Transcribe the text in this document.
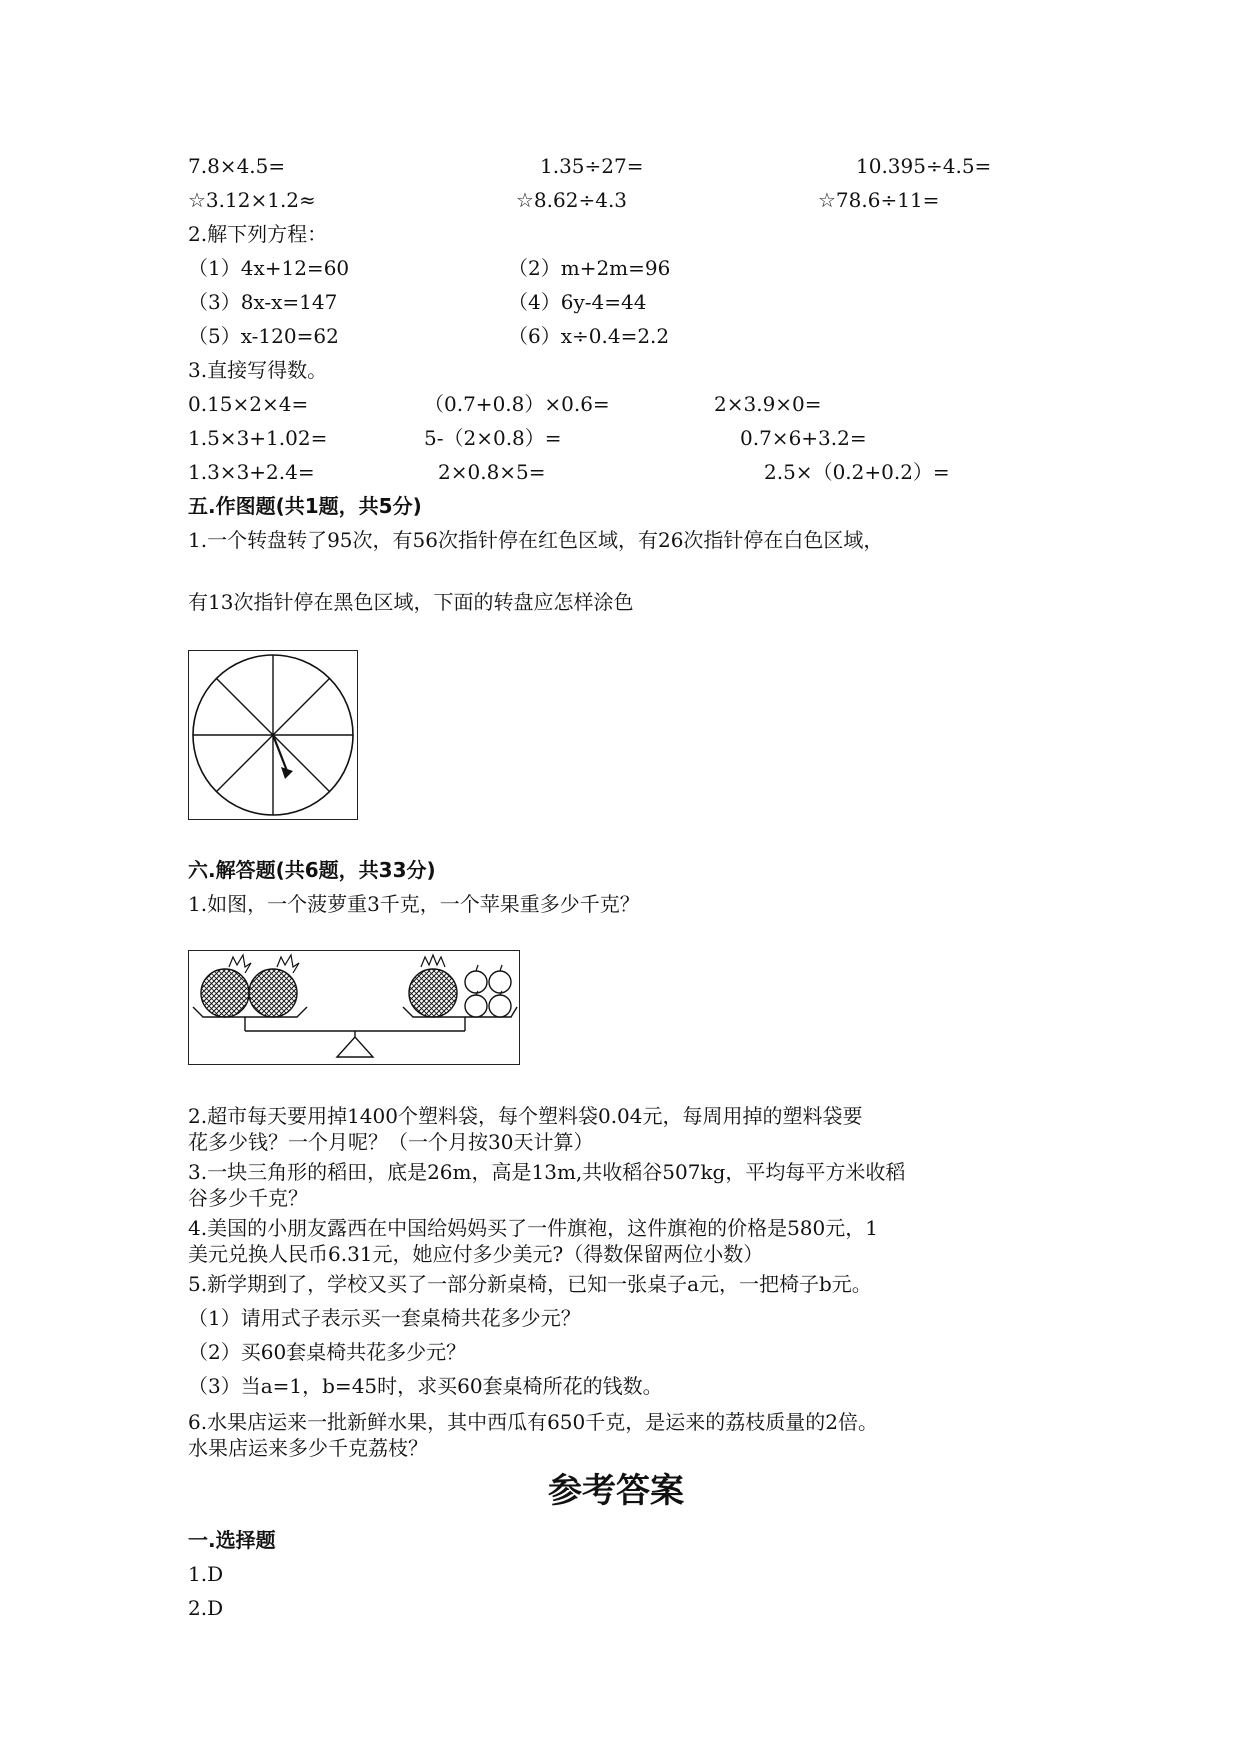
7.8×4.5=	1.35÷27=	10.395÷4.5=
☆3.12×1.2≈	☆8.62÷4.3	☆78.6÷11=
2.解下列方程：
（1）4x+12=60	（2）m+2m=96
（3）8x-x=147	（4）6y-4=44
（5）x-120=62	（6）x÷0.4=2.2
3.直接写得数。
0.15×2×4=	（0.7+0.8）×0.6=	2×3.9×0=
1.5×3+1.02=	5-（2×0.8）=	0.7×6+3.2=
1.3×3+2.4=	2×0.8×5=	2.5×（0.2+0.2）=
五.作图题(共1题，共5分)
1.一个转盘转了95次，有56次指针停在红色区域，有26次指针停在白色区域，
有13次指针停在黑色区域，下面的转盘应怎样涂色
六.解答题(共6题，共33分)
1.如图，一个菠萝重3千克，一个苹果重多少千克？
2.超市每天要用掉1400个塑料袋，每个塑料袋0.04元，每周用掉的塑料袋要
花多少钱？一个月呢？（一个月按30天计算）
3.一块三角形的稻田，底是26m，高是13m,共收稻谷507kg，平均每平方米收稻
谷多少千克？
4.美国的小朋友露西在中国给妈妈买了一件旗袍，这件旗袍的价格是580元，1
美元兑换人民币6.31元，她应付多少美元?（得数保留两位小数）
5.新学期到了，学校又买了一部分新桌椅，已知一张桌子a元，一把椅子b元。
（1）请用式子表示买一套桌椅共花多少元？
（2）买60套桌椅共花多少元？
（3）当a=1，b=45时，求买60套桌椅所花的钱数。
6.水果店运来一批新鲜水果，其中西瓜有650千克，是运来的荔枝质量的2倍。
水果店运来多少千克荔枝？
参考答案
一.选择题
1.D
2.D
